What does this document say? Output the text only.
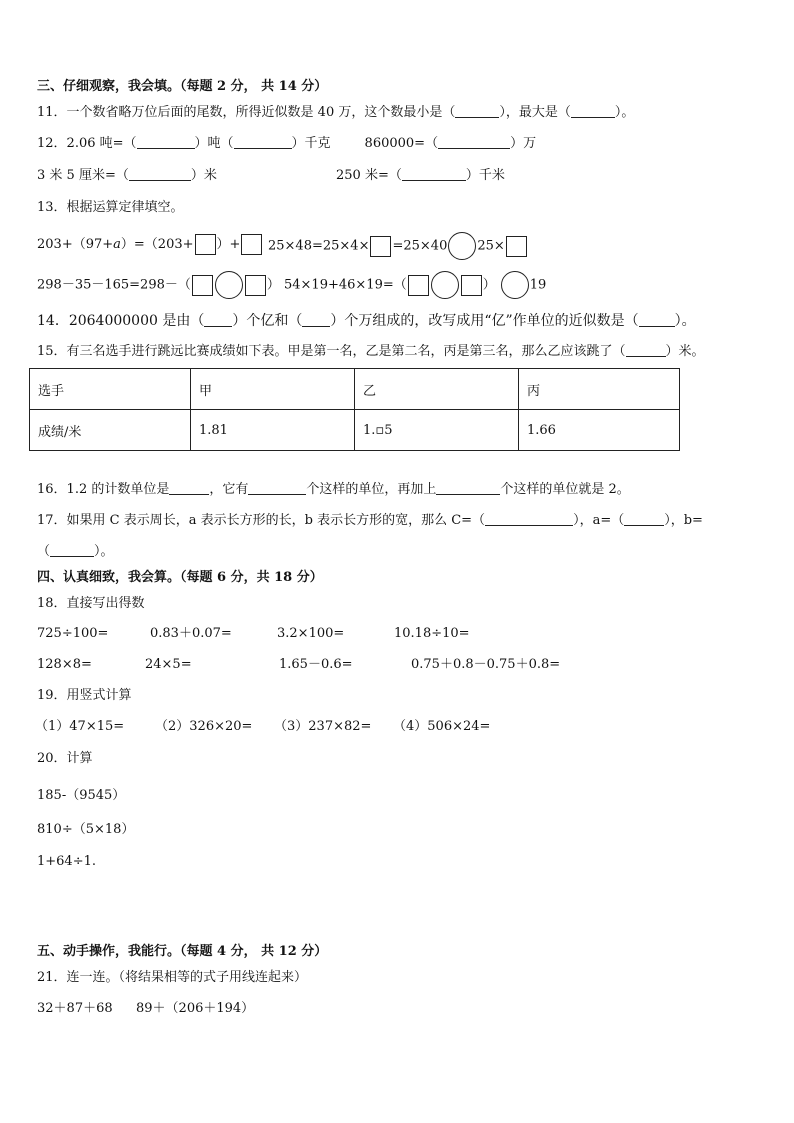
三、仔细观察，我会填。（每题 2 分， 共 14 分）
11．一个数省略万位后面的尾数，所得近似数是 40 万，这个数最小是（	），最大是（	）。
12．2.06 吨=（	）吨（	）千克	860000=（	）万
3 米 5 厘米=（	）米	250 米=（	）千米
13．根据运算定律填空。
203+（97+a）=（203+ ）+	25×48=25×4× =25×40 25×
298－35－165=298－（	） 54×19+46×19=（	）	19
14．2064000000 是由（ ）个亿和（ ）个万组成的，改写成用“亿”作单位的近似数是（	）。
15．有三名选手进行跳远比赛成绩如下表。甲是第一名，乙是第二名，丙是第三名，那么乙应该跳了（	）米。
选手	甲	乙	丙
成绩/米	1.81	1.▫5	1.66
16．1.2 的计数单位是	，它有	个这样的单位，再加上	个这样的单位就是 2。
17．如果用 C 表示周长，a 表示长方形的长，b 表示长方形的宽，那么 C=（	），a=（	），b=
（	）。
四、认真细致，我会算。（每题 6 分，共 18 分）
18．直接写出得数
725÷100=	0.83＋0.07=	3.2×100=	10.18÷10=
128×8=	24×5=	1.65－0.6=	0.75＋0.8－0.75＋0.8=
19．用竖式计算
（1）47×15= （2）326×20= （3）237×82= （4）506×24=
20．计算
185-（9545）
810÷（5×18）
1+64÷1.
五、动手操作，我能行。（每题 4 分， 共 12 分）
21．连一连。（将结果相等的式子用线连起来）
32＋87＋68 89＋（206＋194）
